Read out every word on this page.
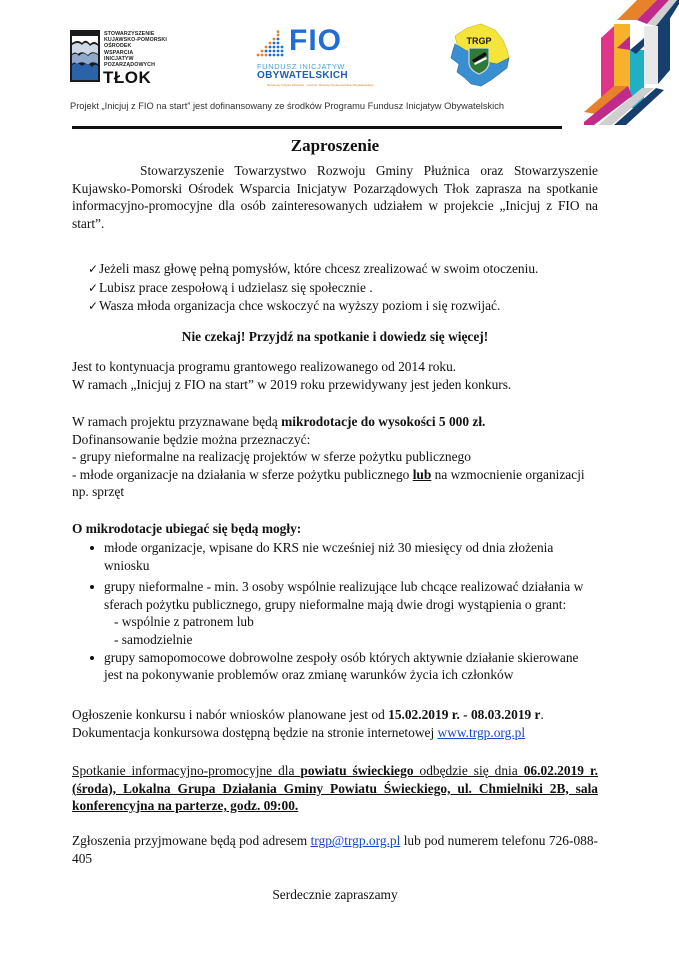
STOWARZYSZENIE
KUJAWSKO-POMORSKI
OŚRODEK
WSPARCIA
INICJATYW
POZARZĄDOWYCH
TŁOK
FIO
FUNDUSZ INICJATYW
OBYWATELSKICH
Narodowy Instytut Wolności · Centrum Rozwoju Społeczeństwa Obywatelskiego
TRGP
Projekt „Inicjuj z FIO na start” jest dofinansowany ze środków Programu Fundusz Inicjatyw Obywatelskich
Zaproszenie
Stowarzyszenie Towarzystwo Rozwoju Gminy Płużnica oraz Stowarzyszenie Kujawsko-Pomorski Ośrodek Wsparcia Inicjatyw Pozarządowych Tłok zaprasza na spotkanie informacyjno-promocyjne dla osób zainteresowanych udziałem w projekcie „Inicjuj z FIO na start”.
✓Jeżeli masz głowę pełną pomysłów, które chcesz zrealizować w swoim otoczeniu.
✓Lubisz prace zespołową i udzielasz się społecznie .
✓Wasza młoda organizacja chce wskoczyć na wyższy poziom i się rozwijać.
Nie czekaj! Przyjdź na spotkanie i dowiedz się więcej!
Jest to kontynuacja programu grantowego realizowanego od 2014 roku.
W ramach „Inicjuj z FIO na start” w 2019 roku przewidywany jest jeden konkurs.
W ramach projektu przyznawane będą mikrodotacje do wysokości 5 000 zł.
Dofinansowanie będzie można przeznaczyć:
- grupy nieformalne na realizację projektów w sferze pożytku publicznego
- młode organizacje na działania w sferze pożytku publicznego lub na wzmocnienie organizacji np. sprzęt
O mikrodotacje ubiegać się będą mogły:
młode organizacje, wpisane do KRS nie wcześniej niż 30 miesięcy od dnia złożenia wniosku
grupy nieformalne - min. 3 osoby wspólnie realizujące lub chcące realizować działania w sferach pożytku publicznego, grupy nieformalne mają dwie drogi wystąpienia o grant:
- wspólnie z patronem lub
- samodzielnie
grupy samopomocowe dobrowolne zespoły osób których aktywnie działanie skierowane jest na pokonywanie problemów oraz zmianę warunków życia ich członków
Ogłoszenie konkursu i nabór wniosków planowane jest od 15.02.2019 r. - 08.03.2019 r.
Dokumentacja konkursowa dostępną będzie na stronie internetowej www.trgp.org.pl
Spotkanie informacyjno-promocyjne dla powiatu świeckiego odbędzie się dnia 06.02.2019 r. (środa), Lokalna Grupa Działania Gminy Powiatu Świeckiego, ul. Chmielniki 2B, sala konferencyjna na parterze, godz. 09:00.
Zgłoszenia przyjmowane będą pod adresem trgp@trgp.org.pl lub pod numerem telefonu 726-088-405
Serdecznie zapraszamy
